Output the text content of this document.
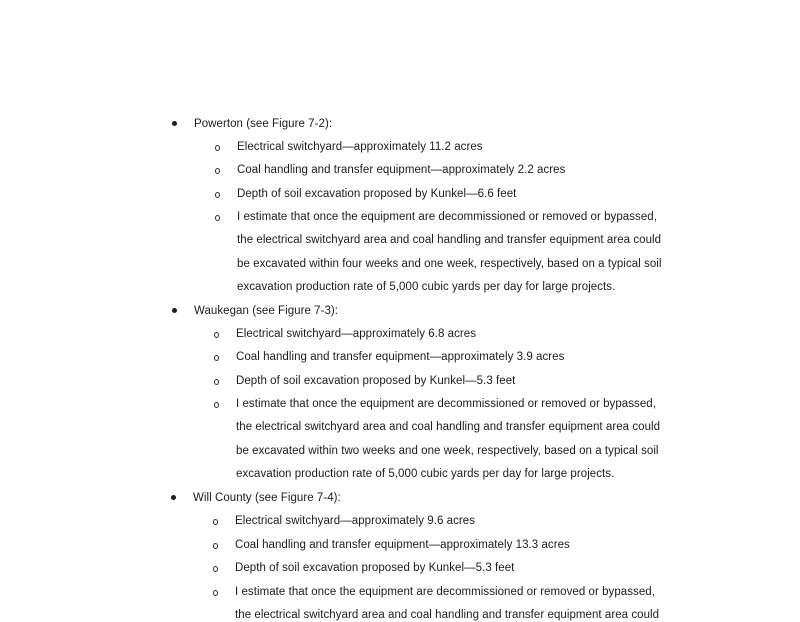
Powerton (see Figure 7-2):
Electrical switchyard—approximately 11.2 acres
Coal handling and transfer equipment—approximately 2.2 acres
Depth of soil excavation proposed by Kunkel—6.6 feet
I estimate that once the equipment are decommissioned or removed or bypassed,
the electrical switchyard area and coal handling and transfer equipment area could
be excavated within four weeks and one week, respectively, based on a typical soil
excavation production rate of 5,000 cubic yards per day for large projects.
Waukegan (see Figure 7-3):
Electrical switchyard—approximately 6.8 acres
Coal handling and transfer equipment—approximately 3.9 acres
Depth of soil excavation proposed by Kunkel—5.3 feet
I estimate that once the equipment are decommissioned or removed or bypassed,
the electrical switchyard area and coal handling and transfer equipment area could
be excavated within two weeks and one week, respectively, based on a typical soil
excavation production rate of 5,000 cubic yards per day for large projects.
Will County (see Figure 7-4):
Electrical switchyard—approximately 9.6 acres
Coal handling and transfer equipment—approximately 13.3 acres
Depth of soil excavation proposed by Kunkel—5.3 feet
I estimate that once the equipment are decommissioned or removed or bypassed,
the electrical switchyard area and coal handling and transfer equipment area could
